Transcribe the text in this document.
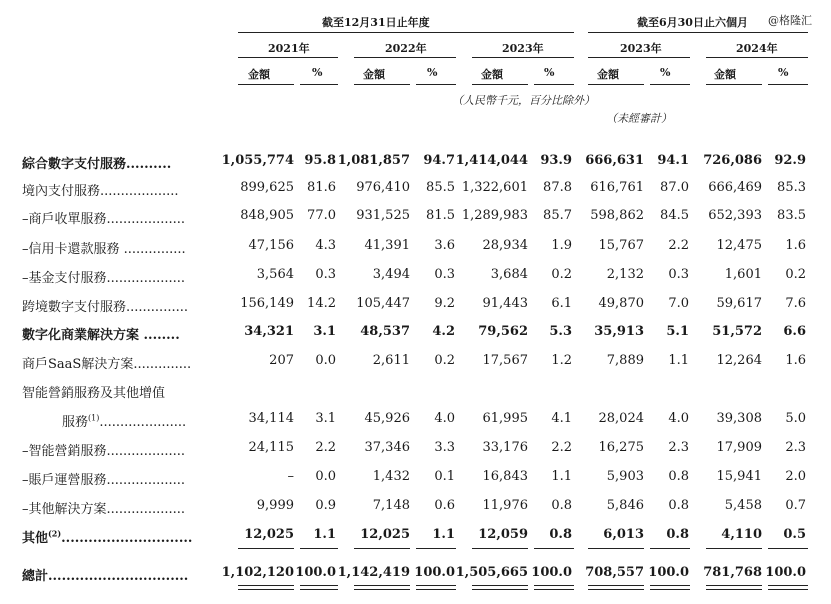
@格隆汇
截至12月31日止年度	截至6月30日止六個月
2021年	2022年	2023年	2023年	2024年
金額	%	金額	%	金額	%	金額	%	金額	%
（人民幣千元，百分比除外）
（未經審計）
綜合數字支付服務..........	1,055,774 95.8 1,081,857 94.7 1,414,044 93.9 666,631 94.1 726,086 92.9
境內支付服務...................	899,625 81.6 976,410 85.5 1,322,601 87.8 616,761 87.0 666,469 85.3
–商戶收單服務...................	848,905 77.0 931,525 81.5 1,289,983 85.7 598,862 84.5 652,393 83.5
–信用卡還款服務 ...............	47,156 4.3 41,391 3.6 28,934 1.9 15,767 2.2 12,475 1.6
–基金支付服務...................	3,564 0.3	3,494 0.3	3,684 0.2	2,132 0.3	1,601 0.2
跨境數字支付服務...............	156,149 14.2 105,447 9.2 91,443 6.1 49,870 7.0 59,617 7.6
數字化商業解決方案 ........	34,321 3.1 48,537 4.2 79,562 5.3 35,913 5.1 51,572 6.6
商戶SaaS解決方案..............	207 0.0	2,611 0.2 17,567 1.2	7,889 1.1 12,264 1.6
智能營銷服務及其他增值
服務$^{(1)}$.....................	34,114 3.1 45,926 4.0 61,995 4.1 28,024 4.0 39,308 5.0
–智能營銷服務...................	24,115 2.2 37,346 3.3 33,176 2.2 16,275 2.3 17,909 2.3
–賬戶運營服務...................	– 0.0	1,432 0.1 16,843 1.1	5,903 0.8 15,941 2.0
–其他解決方案...................	9,999 0.9	7,148 0.6 11,976 0.8	5,846 0.8	5,458 0.7
其他$^{(2)}$.............................	12,025 1.1 12,025 1.1 12,059 0.8 6,013 0.8 4,110 0.5
總計...............................	1,102,120 100.0 1,142,419 100.0 1,505,665 100.0 708,557 100.0 781,768 100.0
